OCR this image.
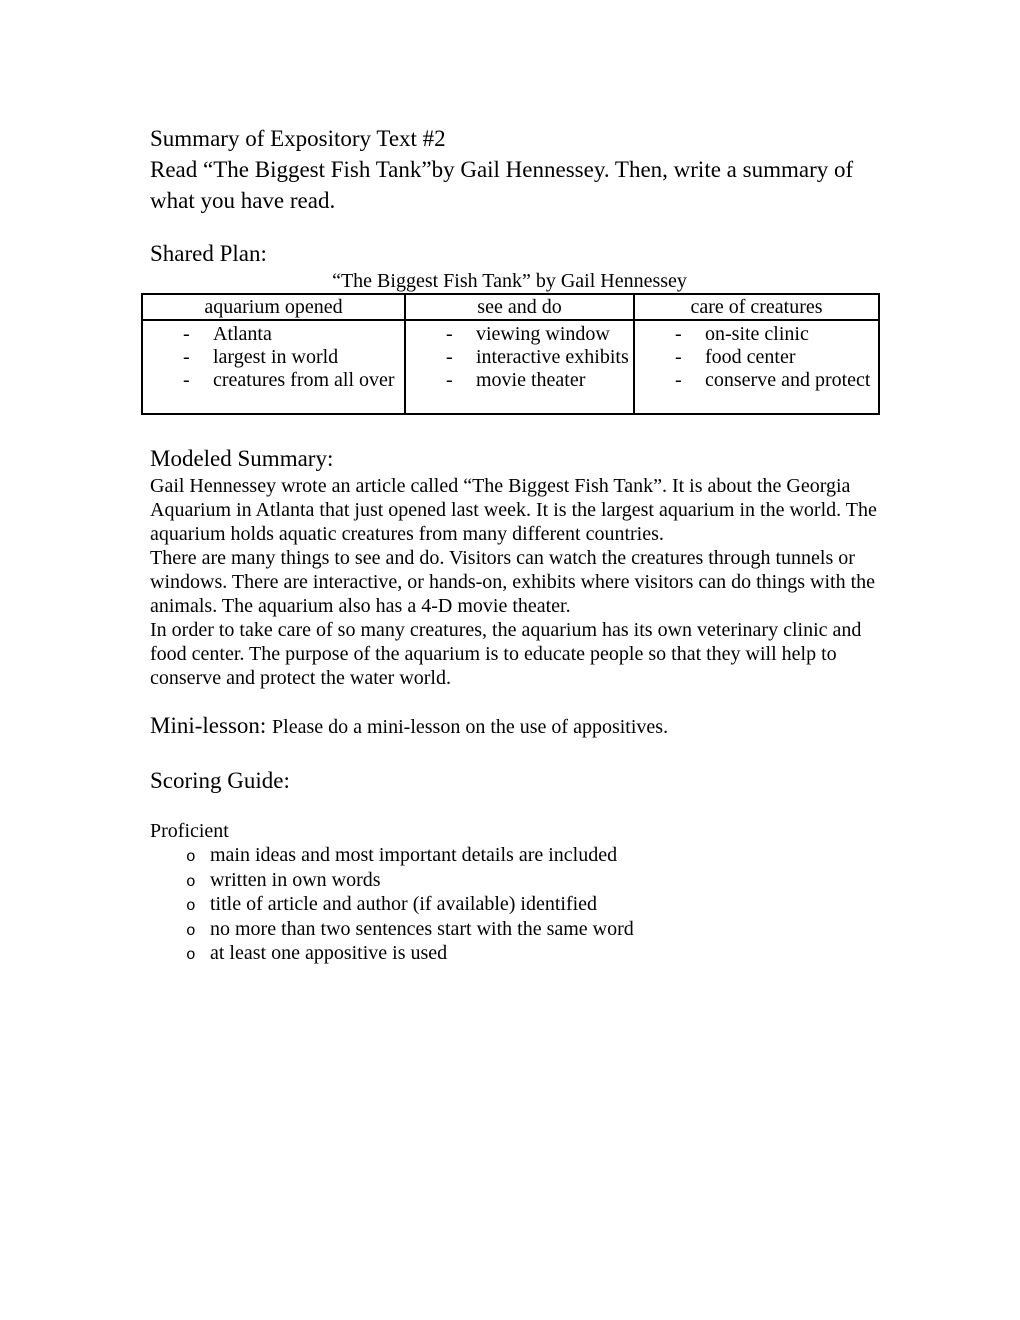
Summary of Expository Text #2
Read “The Biggest Fish Tank”by Gail Hennessey. Then, write a summary of what you have read.
Shared Plan:
“The Biggest Fish Tank” by Gail Hennessey
aquarium opened	see and do	care of creatures

- Atlanta
- largest in world
- creatures from all over

- viewing window
- interactive exhibits
- movie theater

- on-site clinic
- food center
- conserve and protect
Modeled Summary:

Gail Hennessey wrote an article called “The Biggest Fish Tank”. It is about the Georgia Aquarium in Atlanta that just opened last week. It is the largest aquarium in the world. The aquarium holds aquatic creatures from many different countries.

There are many things to see and do. Visitors can watch the creatures through tunnels or windows. There are interactive, or hands-on, exhibits where visitors can do things with the animals. The aquarium also has a 4-D movie theater.

In order to take care of so many creatures, the aquarium has its own veterinary clinic and food center. The purpose of the aquarium is to educate people so that they will help to conserve and protect the water world.

Mini-lesson: Please do a mini-lesson on the use of appositives.
Scoring Guide:
Proficient
o main ideas and most important details are included
o written in own words
o title of article and author (if available) identified
o no more than two sentences start with the same word
o at least one appositive is used
